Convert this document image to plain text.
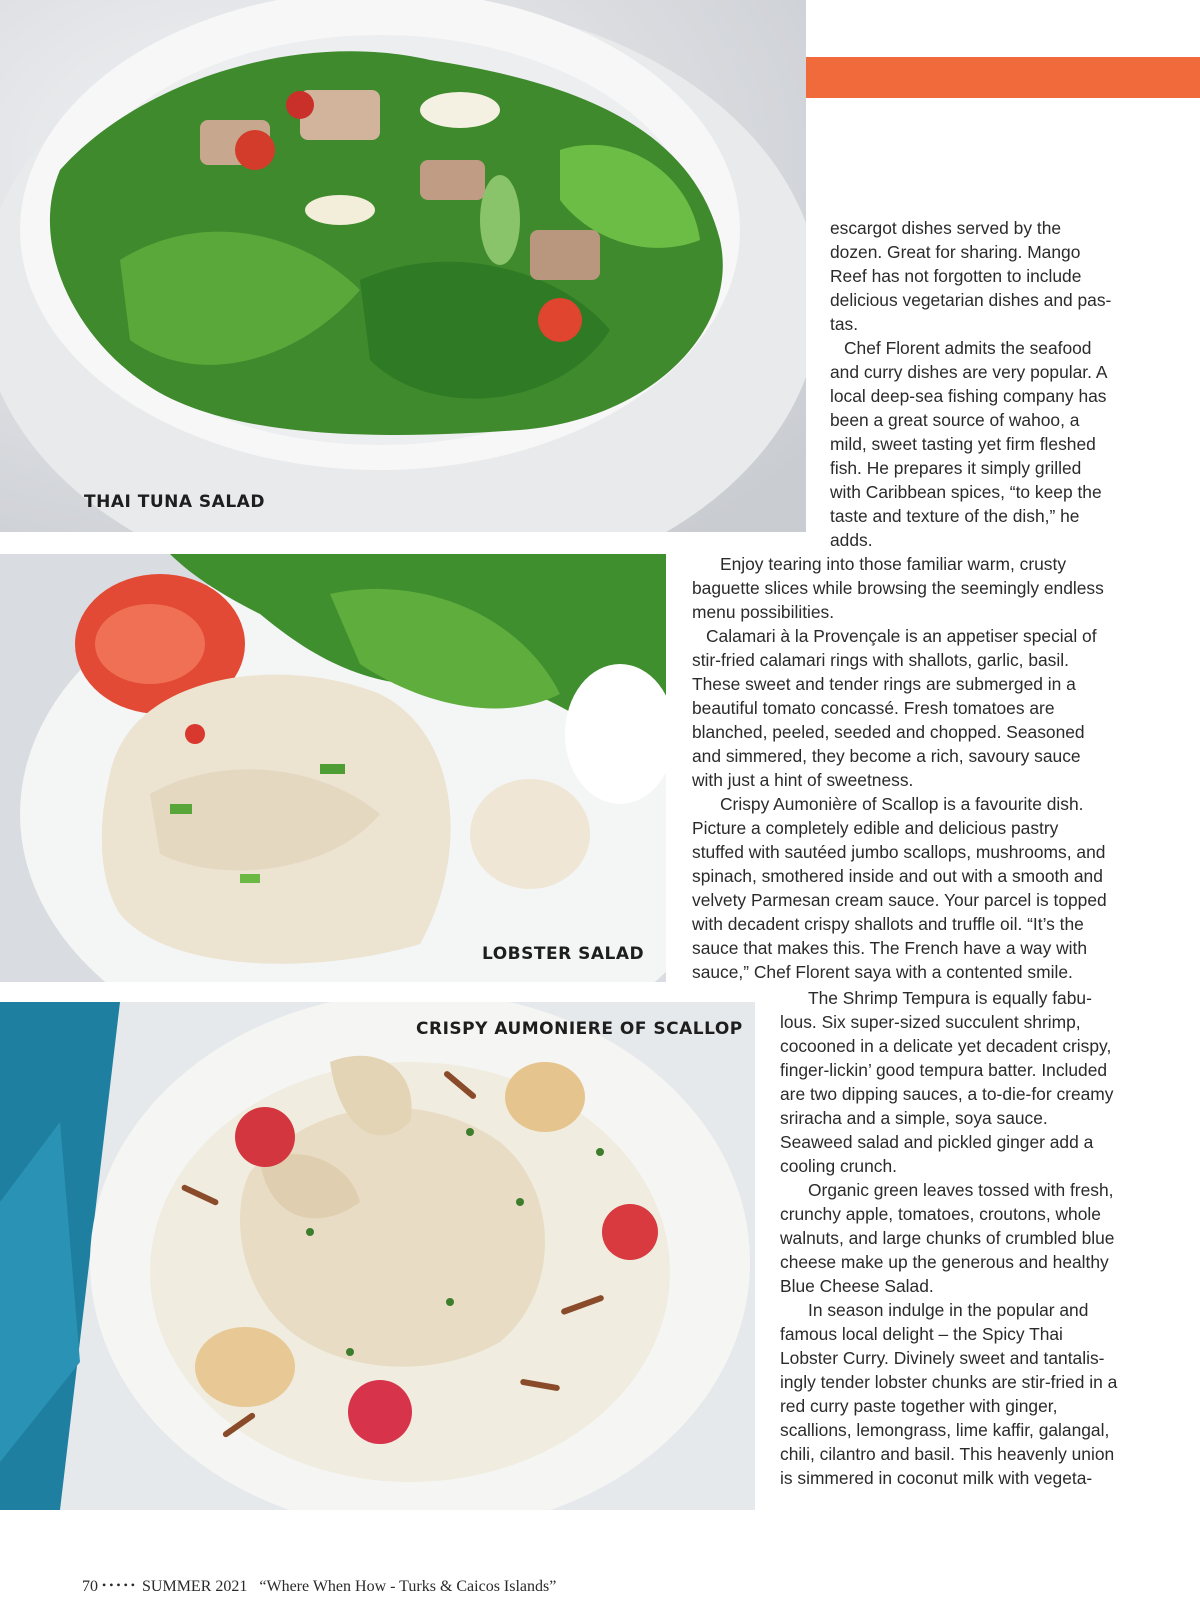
THAI TUNA SALAD
LOBSTER SALAD
CRISPY AUMONIERE OF SCALLOP

escargot dishes served by the dozen. Great for sharing. Mango Reef has not forgotten to include delicious vegetarian dishes and pas-tas.

Chef Florent admits the seafood and curry dishes are very popular. A local deep-sea fishing company has been a great source of wahoo, a mild, sweet tasting yet firm fleshed fish. He prepares it simply grilled with Caribbean spices, “to keep the taste and texture of the dish,” he adds.

Enjoy tearing into those familiar warm, crusty baguette slices while browsing the seemingly endless menu possibilities.

Calamari à la Provençale is an appetiser special of stir-fried calamari rings with shallots, garlic, basil. These sweet and tender rings are submerged in a beautiful tomato concassé. Fresh tomatoes are blanched, peeled, seeded and chopped. Seasoned and simmered, they become a rich, savoury sauce with just a hint of sweetness.

Crispy Aumonière of Scallop is a favourite dish. Picture a completely edible and delicious pastry stuffed with sautéed jumbo scallops, mushrooms, and spinach, smothered inside and out with a smooth and velvety Parmesan cream sauce. Your parcel is topped with decadent crispy shallots and truffle oil. “It’s the sauce that makes this. The French have a way with sauce,” Chef Florent saya with a contented smile.

The Shrimp Tempura is equally fabu-lous. Six super-sized succulent shrimp, cocooned in a delicate yet decadent crispy, finger-lickin’ good tempura batter. Included are two dipping sauces, a to-die-for creamy sriracha and a simple, soya sauce. Seaweed salad and pickled ginger add a cooling crunch.

Organic green leaves tossed with fresh, crunchy apple, tomatoes, croutons, whole walnuts, and large chunks of crumbled blue cheese make up the generous and healthy Blue Cheese Salad.

In season indulge in the popular and famous local delight – the Spicy Thai Lobster Curry. Divinely sweet and tantalis-ingly tender lobster chunks are stir-fried in a red curry paste together with ginger, scallions, lemongrass, lime kaffir, galangal, chili, cilantro and basil. This heavenly union is simmered in coconut milk with vegeta-

70 ••••• SUMMER 2021 “Where When How - Turks & Caicos Islands”
